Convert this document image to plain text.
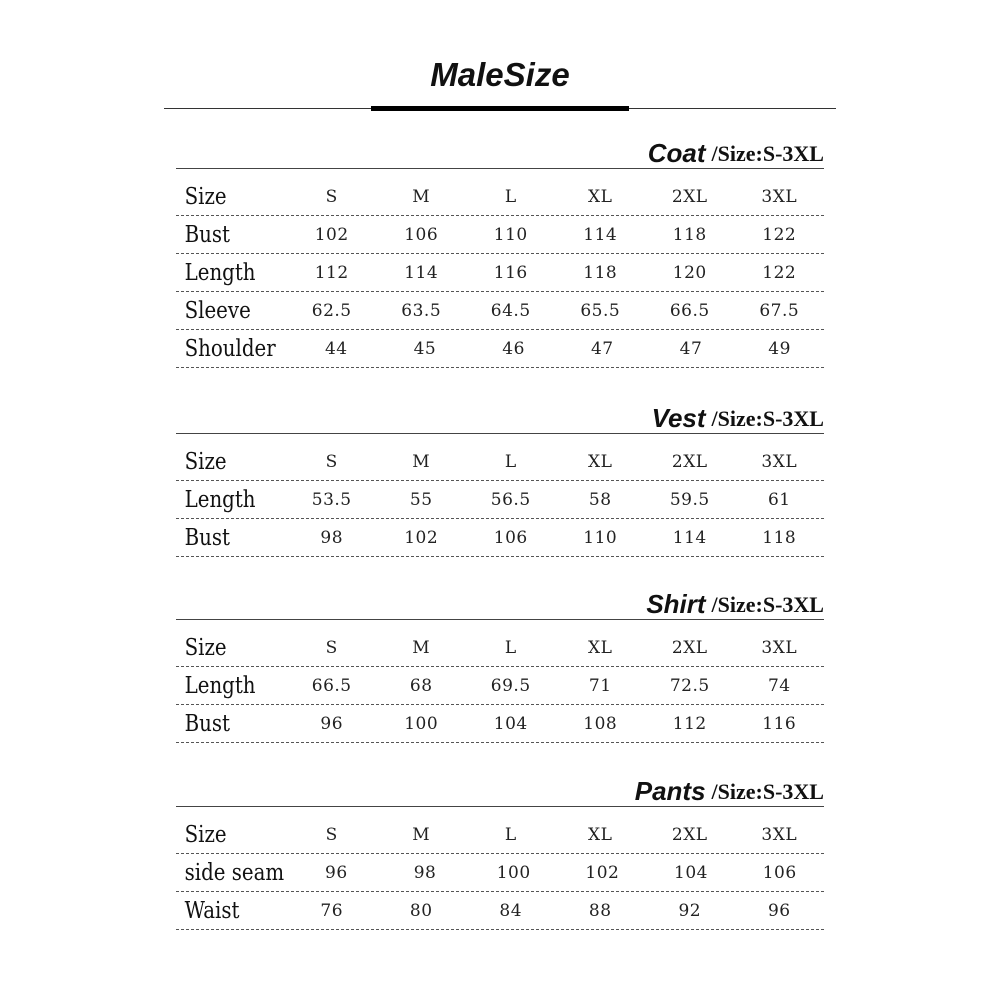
MaleSize
Coat /Size:S-3XL
Size	S	M	L	XL	2XL	3XL
Bust	102	106	110	114	118	122
Length	112	114	116	118	120	122
Sleeve	62.5	63.5	64.5	65.5	66.5	67.5
Shoulder	44	45	46	47	47	49
Vest /Size:S-3XL
Size	S	M	L	XL	2XL	3XL
Length	53.5	55	56.5	58	59.5	61
Bust	98	102	106	110	114	118
Shirt /Size:S-3XL
Size	S	M	L	XL	2XL	3XL
Length	66.5	68	69.5	71	72.5	74
Bust	96	100	104	108	112	116
Pants /Size:S-3XL
Size	S	M	L	XL	2XL	3XL
side seam	96	98	100	102	104	106
Waist	76	80	84	88	92	96
